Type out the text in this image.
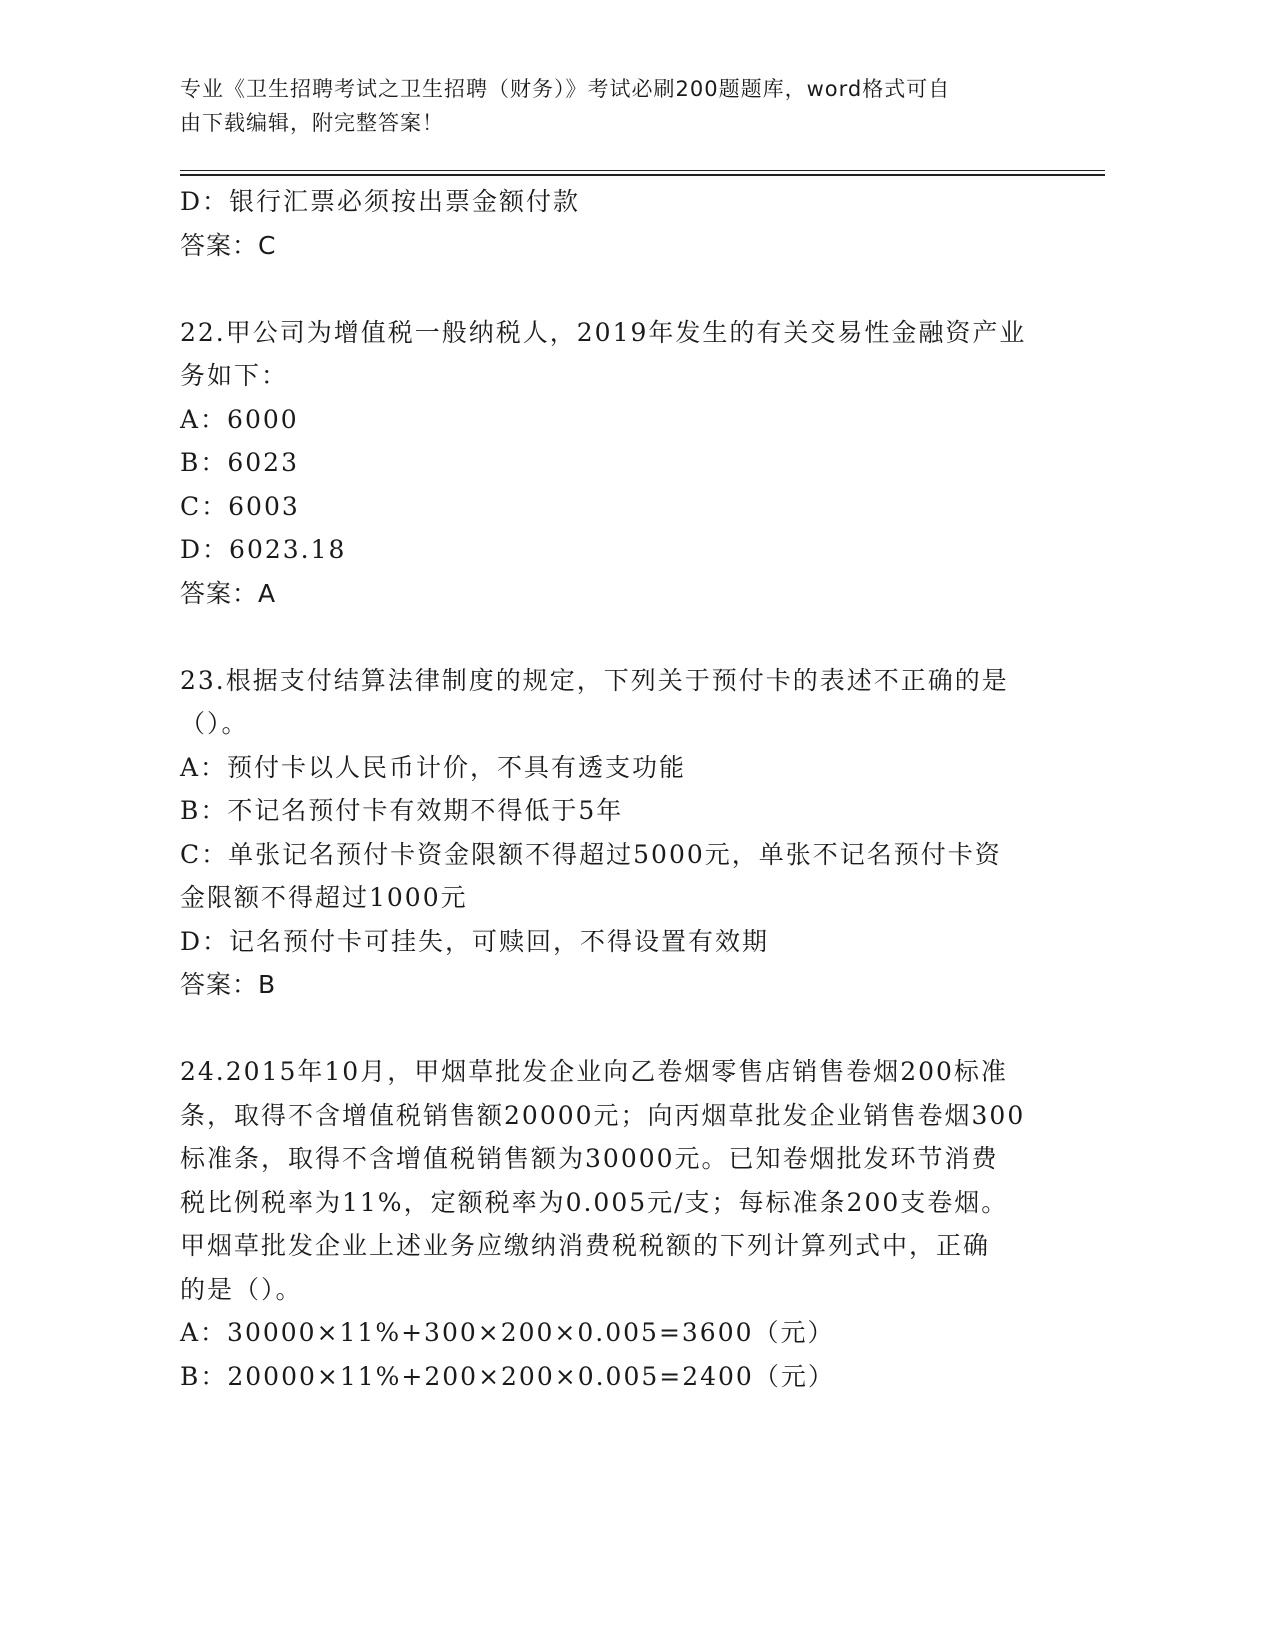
专业《卫生招聘考试之卫生招聘（财务）》考试必刷200题题库，word格式可自
由下载编辑，附完整答案！
D：银行汇票必须按出票金额付款
答案：C
22.甲公司为增值税一般纳税人，2019年发生的有关交易性金融资产业
务如下：
A：6000
B：6023
C：6003
D：6023.18
答案：A
23.根据支付结算法律制度的规定，下列关于预付卡的表述不正确的是
（）。
A：预付卡以人民币计价，不具有透支功能
B：不记名预付卡有效期不得低于5年
C：单张记名预付卡资金限额不得超过5000元，单张不记名预付卡资
金限额不得超过1000元
D：记名预付卡可挂失，可赎回，不得设置有效期
答案：B
24.2015年10月，甲烟草批发企业向乙卷烟零售店销售卷烟200标准
条，取得不含增值税销售额20000元；向丙烟草批发企业销售卷烟300
标准条，取得不含增值税销售额为30000元。已知卷烟批发环节消费
税比例税率为11%，定额税率为0.005元/支；每标准条200支卷烟。
甲烟草批发企业上述业务应缴纳消费税税额的下列计算列式中，正确
的是（）。
A：30000×11%+300×200×0.005=3600（元）
B：20000×11%+200×200×0.005=2400（元）
